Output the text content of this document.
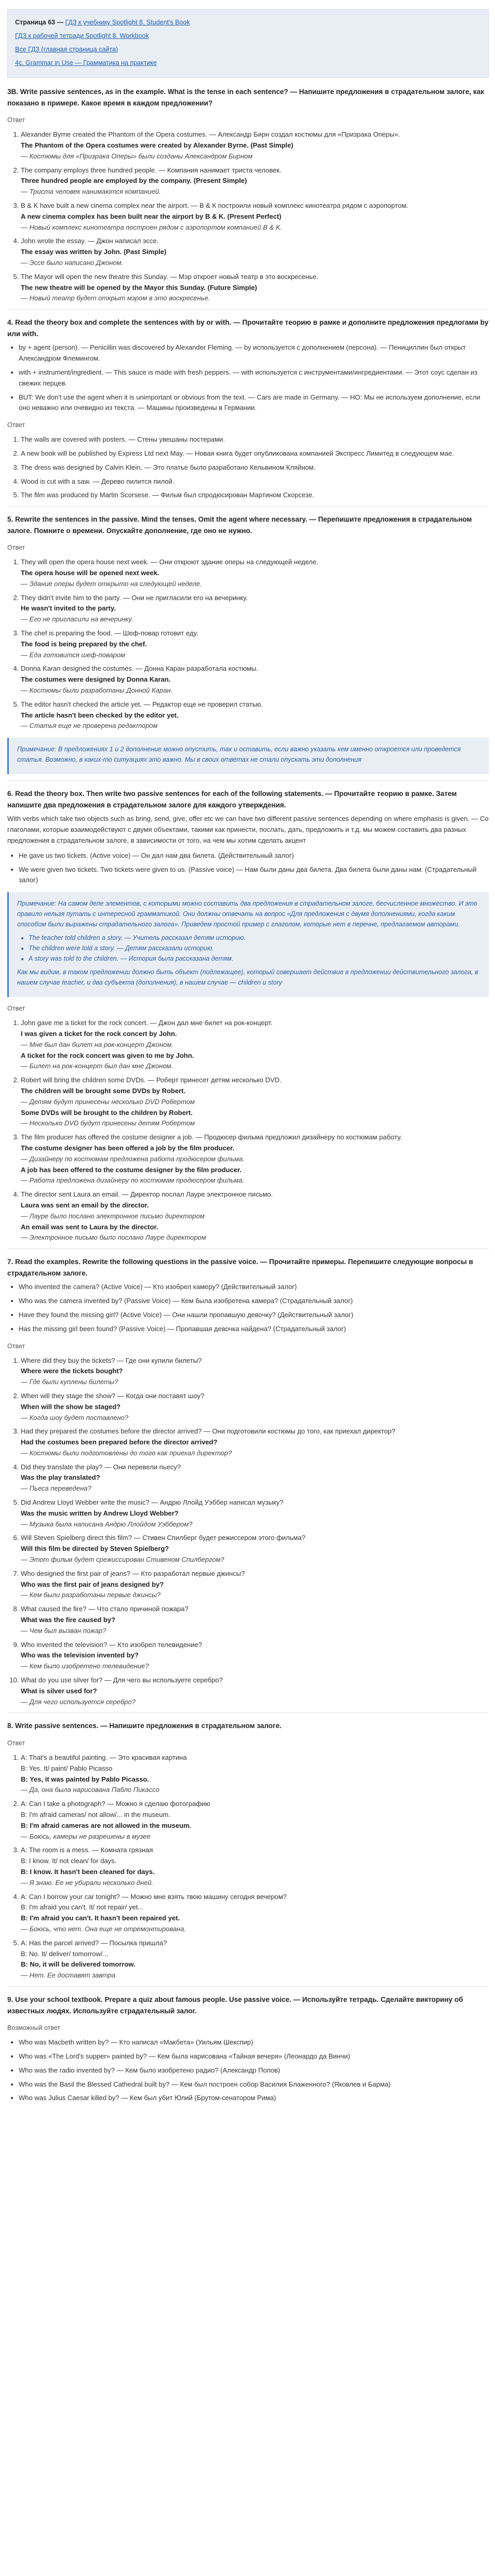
Страница 63 — ГДЗ к учебнику Spotlight 8. Student's Book
ГДЗ к рабочей тетради Spotlight 8. Workbook
Все ГДЗ (главная страница сайта)
4c. Grammar in Use — Грамматика на практике
3B. Write passive sentences, as in the example. What is the tense in each sentence? — Напишите предложения в страдательном залоге, как показано в примере. Какое время в каждом предложении?
Ответ
1. Alexander Byrne created the Phantom of the Opera costumes. — Александр Бирн создал костюмы для «Призрака Оперы».
The Phantom of the Opera costumes were created by Alexander Byrne. (Past Simple)
— Костюмы для «Призрака Оперы» были созданы Александром Бирном
2. The company employs three hundred people. — Компания нанимает триста человек.
Three hundred people are employed by the company. (Present Simple)
— Триста человек нанимаются компанией.
3. B & K have built a new cinema complex near the airport. — В & К построили новый комплекс кинотеатра рядом с аэропортом.
A new cinema complex has been built near the airport by B & K. (Present Perfect)
— Новый комплекс кинотеатра построен рядом с аэропортом компанией B & K.
4. John wrote the essay. — Джон написал эссе.
The essay was written by John. (Past Simple)
— Эссе было написано Джоном.
5. The Mayor will open the new theatre this Sunday. — Мэр откроет новый театр в это воскресенье.
The new theatre will be opened by the Mayor this Sunday. (Future Simple)
— Новый театр будет открыт мэром в это воскресенье.
4. Read the theory box and complete the sentences with by or with. — Прочитайте теорию в рамке и дополните предложения предлогами by или with.
• by + agent (person). — Penicillin was discovered by Alexander Fleming. — by используется с дополнением (персона). — Пенициллин был открыт Александром Флемингом.
• with + instrument/ingredient. — This sauce is made with fresh peppers. — with используется с инструментами/ингредиентами. — Этот соус сделан из свежих перцев.
• BUT: We don't use the agent when it is unimportant or obvious from the text. — Cars are made in Germany. — НО: Мы не используем дополнение, если оно неважно или очевидно из текста. — Машины произведены в Германии.
Ответ
1. The walls are covered with posters. — Стены увешаны постерами.
2. A new book will be published by Express Ltd next May. — Новая книга будет опубликована компанией Экспресс Лимитед в следующем мае.
3. The dress was designed by Calvin Klein. — Это платье было разработано Кельвином Кляйном.
4. Wood is cut with a saw. — Дерево пилится пилой.
5. The film was produced by Martin Scorsese. — Фильм был спродюсирован Мартином Скорсезе.
5. Rewrite the sentences in the passive. Mind the tenses. Omit the agent where necessary. — Перепишите предложения в страдательном залоге. Помните о времени. Опускайте дополнение, где оно не нужно.
Ответ
1. They will open the opera house next week. — Они откроют здание оперы на следующей неделе.
The opera house will be opened next week.
— Здание оперы будет открыто на следующей неделе.
2. They didn't invite him to the party. — Они не пригласили его на вечеринку.
He wasn't invited to the party.
— Его не пригласили на вечеринку.
3. The chef is preparing the food. — Шеф-повар готовит еду.
The food is being prepared by the chef.
— Еда готовится шеф-поваром
4. Donna Karan designed the costumes. — Донна Каран разработала костюмы.
The costumes were designed by Donna Karan.
— Костюмы были разработаны Донной Каран.
5. The editor hasn't checked the article yet. — Редактор еще не проверил статью.
The article hasn't been checked by the editor yet.
— Статья еще не проверена редактором

Примечание: В предложениях 1 и 2 дополнение можно опустить, так и оставить, если важно указать кем именно откроется или проведется статья. Возможно, в каких-то ситуациях это важно. Мы в своих ответах не стали опускать эти дополнения

6. Read the theory box. Then write two passive sentences for each of the following statements. — Прочитайте теорию в рамке. Затем напишите два предложения в страдательном залоге для каждого утверждения.
With verbs which take two objects such as bring, send, give, offer etc we can have two different passive sentences depending on where emphasis is given. — Со глаголами, которые взаимодействуют с двумя объектами, такими как принести, послать, дать, предложить и т.д. мы можем составить два разных предложения в страдательном залоге, в зависимости от того, на чем мы хотим сделать акцент
• He gave us two tickets. (Active voice) — Он дал нам два билета. (Действительный залог)
• We were given two tickets. Two tickets were given to us. (Passive voice) — Нам были даны два билета. Два билета были даны нам. (Страдательный залог)

Примечание: На самом деле элементов, с которыми можно составить два предложения в страдательном залоге, бесчисленное множество. И это правило нельзя путать с интересной грамматикой. Они должны отвечать на вопрос «Для предложения с двумя дополнениями, когда каким способом были выражены страдательного залога». Приведем простой пример с глаголом, которые нет в перечне, предлагаемом авторами.

• The teacher told children a story. — Учитель рассказал детям историю.
• The children were told a story. — Детям рассказали историю.
• A story was told to the children. — История была рассказана детям.

Как мы видим, в таком предложении должно быть объект (подлежащее), который совершает действие в предложении действительного залога, в нашем случае teacher, и два субъекта (дополнения), в нашем случае — children и story

Ответ
1. John gave me a ticket for the rock concert. — Джон дал мне билет на рок-концерт.
I was given a ticket for the rock concert by John.
— Мне был дан билет на рок-концерт Джоном.
A ticket for the rock concert was given to me by John.
— Билет на рок-концерт был дан мне Джоном.
2. Robert will bring the children some DVDs. — Роберт принесет детям несколько DVD.
The children will be brought some DVDs by Robert.
— Детям будут принесены несколько DVD Робертом
Some DVDs will be brought to the children by Robert.
— Несколько DVD будут принесены детям Робертом
3. The film producer has offered the costume designer a job. — Продюсер фильма предложил дизайнеру по костюмам работу.
The costume designer has been offered a job by the film producer.
— Дизайнеру по костюмам предложена работа продюсером фильма.
A job has been offered to the costume designer by the film producer.
— Работа предложена дизайнеру по костюмам продюсером фильма.
4. The director sent Laura an email. — Директор послал Лауре электронное письмо.
Laura was sent an email by the director.
— Лауре было послано электронное письмо директором
An email was sent to Laura by the director.
— Электронное письмо было послано Лауре директором
7. Read the examples. Rewrite the following questions in the passive voice. — Прочитайте примеры. Перепишите следующие вопросы в страдательном залоге.
• Who invented the camera? (Active Voice) — Кто изобрел камеру? (Действительный залог)
• Who was the camera invented by? (Passive Voice) — Кем была изобретена камера? (Страдательный залог)
• Have they found the missing girl? (Active Voice) — Они нашли пропавшую девочку? (Действительный залог)
• Has the missing girl been found? (Passive Voice) — Пропавшая девочка найдена? (Страдательный залог)
Ответ
1. Where did they buy the tickets? — Где они купили билеты?
Where were the tickets bought?
— Где были куплены билеты?
2. When will they stage the show? — Когда они поставят шоу?
When will the show be staged?
— Когда шоу будет поставлено?
3. Had they prepared the costumes before the director arrived? — Они подготовили костюмы до того, как приехал директор?
Had the costumes been prepared before the director arrived?
— Костюмы были подготовлены до того как приехал директор?
4. Did they translate the play? — Они перевели пьесу?
Was the play translated?
— Пьеса переведена?
5. Did Andrew Lloyd Webber write the music? — Андрю Ллойд Уэббер написал музыку?
Was the music written by Andrew Lloyd Webber?
— Музыка была написана Андрю Ллойдом Уэббером?
6. Will Steven Spielberg direct this film? — Стивен Спилберг будет режиссером этого фильма?
Will this film be directed by Steven Spielberg?
— Этот фильм будет срежиссирован Стивеном Спилбергом?
7. Who designed the first pair of jeans? — Кто разработал первые джинсы?
Who was the first pair of jeans designed by?
— Кем были разработаны первые джинсы?
8. What caused the fire? — Что стало причиной пожара?
What was the fire caused by?
— Чем был вызван пожар?
9. Who invented the television? — Кто изобрел телевидение?
Who was the television invented by?
— Кем было изобретено телевидение?
10. What do you use silver for? — Для чего вы используете серебро?
What is silver used for?
— Для чего используется серебро?
8. Write passive sentences. — Напишите предложения в страдательном залоге.
Ответ
1. A: That's a beautiful painting. — Это красивая картина
B: Yes. It/ paint/ Pablo Picasso
B: Yes, it was painted by Pablo Picasso.
— Да, она была нарисована Пабло Пикассо
2. A: Can I take a photograph? — Можно я сделаю фотографию
B: I'm afraid cameras/ not allow/... in the museum.
B: I'm afraid cameras are not allowed in the museum.
— Боюсь, камеры не разрешены в музее
3. A: The room is a mess. — Комната грязная
B: I know. It/ not clean/ for days.
B: I know. It hasn't been cleaned for days.
— Я знаю. Ее не убирали несколько дней.
4. A: Can I borrow your car tonight? — Можно мне взять твою машину сегодня вечером?
B: I'm afraid you can't. It/ not repair/ yet...
B: I'm afraid you can't. It hasn't been repaired yet.
— Боюсь, что нет. Она еще не отремонтирована.
5. A: Has the parcel arrived? — Посылка пришла?
B: No. It/ deliver/ tomorrow/...
B: No, it will be delivered tomorrow.
— Нет. Ее доставят завтра
9. Use your school textbook. Prepare a quiz about famous people. Use passive voice. — Используйте тетрадь. Сделайте викторину об известных людях. Используйте страдательный залог.
Возможный ответ
• Who was Macbeth written by? — Кто написал «Макбета» (Уильям Шекспир)
• Who was «The Lord's supper» painted by? — Кем была нарисована «Тайная вечеря» (Леонардо да Винчи)
• Who was the radio invented by? — Кем было изобретено радио? (Александр Попов)
• Who was the Basil the Blessed Cathedral built by? — Кем был построен собор Василия Блаженного? (Яковлев и Барма)
• Who was Julius Caesar killed by? — Кем был убит Юлий (Брутом-сенатором Рима)
